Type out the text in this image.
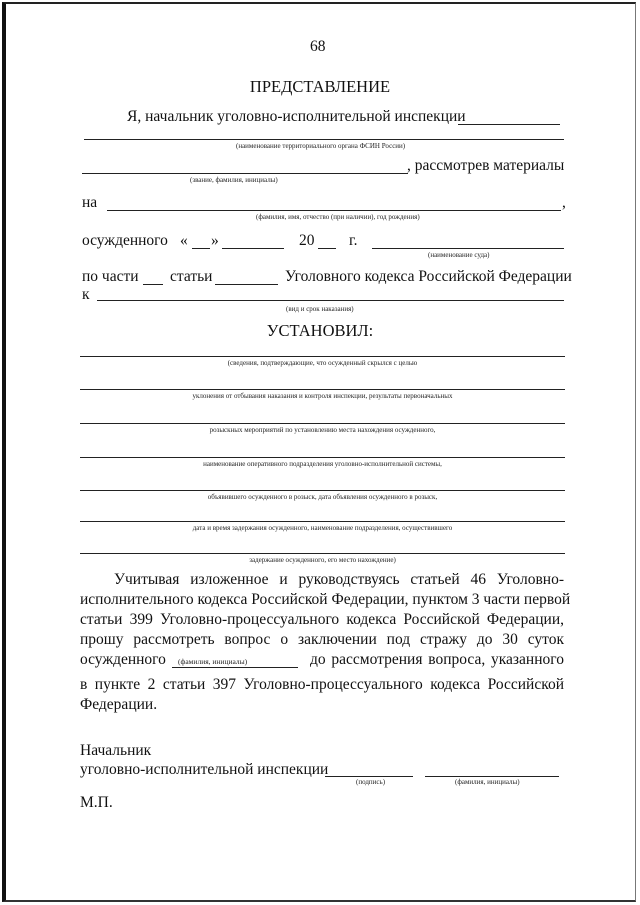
68
ПРЕДСТАВЛЕНИЕ
Я, начальник уголовно-исполнительной инспекции
(наименование территориального органа ФСИН России)
, рассмотрев материалы
(звание, фамилия, инициалы)
на	,
(фамилия, имя, отчество (при наличии), год рождения)
осужденного « »	20 г.
(наименование суда)
по части статьи	Уголовного кодекса Российской Федерации
к
(вид и срок наказания)
УСТАНОВИЛ:
(сведения, подтверждающие, что осужденный скрылся с целью
уклонения от отбывания наказания и контроля инспекции, результаты первоначальных
розыскных мероприятий по установлению места нахождения осужденного,
наименование оперативного подразделения уголовно-исполнительной системы,
объявившего осужденного в розыск, дата объявления осужденного в розыск,
дата и время задержания осужденного, наименование подразделения, осуществившего
задержание осужденного, его место нахождение)
Учитывая изложенное и руководствуясь статьей 46 Уголовно-
исполнительного кодекса Российской Федерации, пунктом 3 части первой
статьи 399 Уголовно-процессуального кодекса Российской Федерации,
прошу рассмотреть вопрос о заключении под стражу до 30 суток
осужденного	до рассмотрения вопроса, указанного
(фамилия, инициалы)
в пункте 2 статьи 397 Уголовно-процессуального кодекса Российской
Федерации.
Начальник
уголовно-исполнительной инспекции
(подпись)	(фамилия, инициалы)
М.П.
